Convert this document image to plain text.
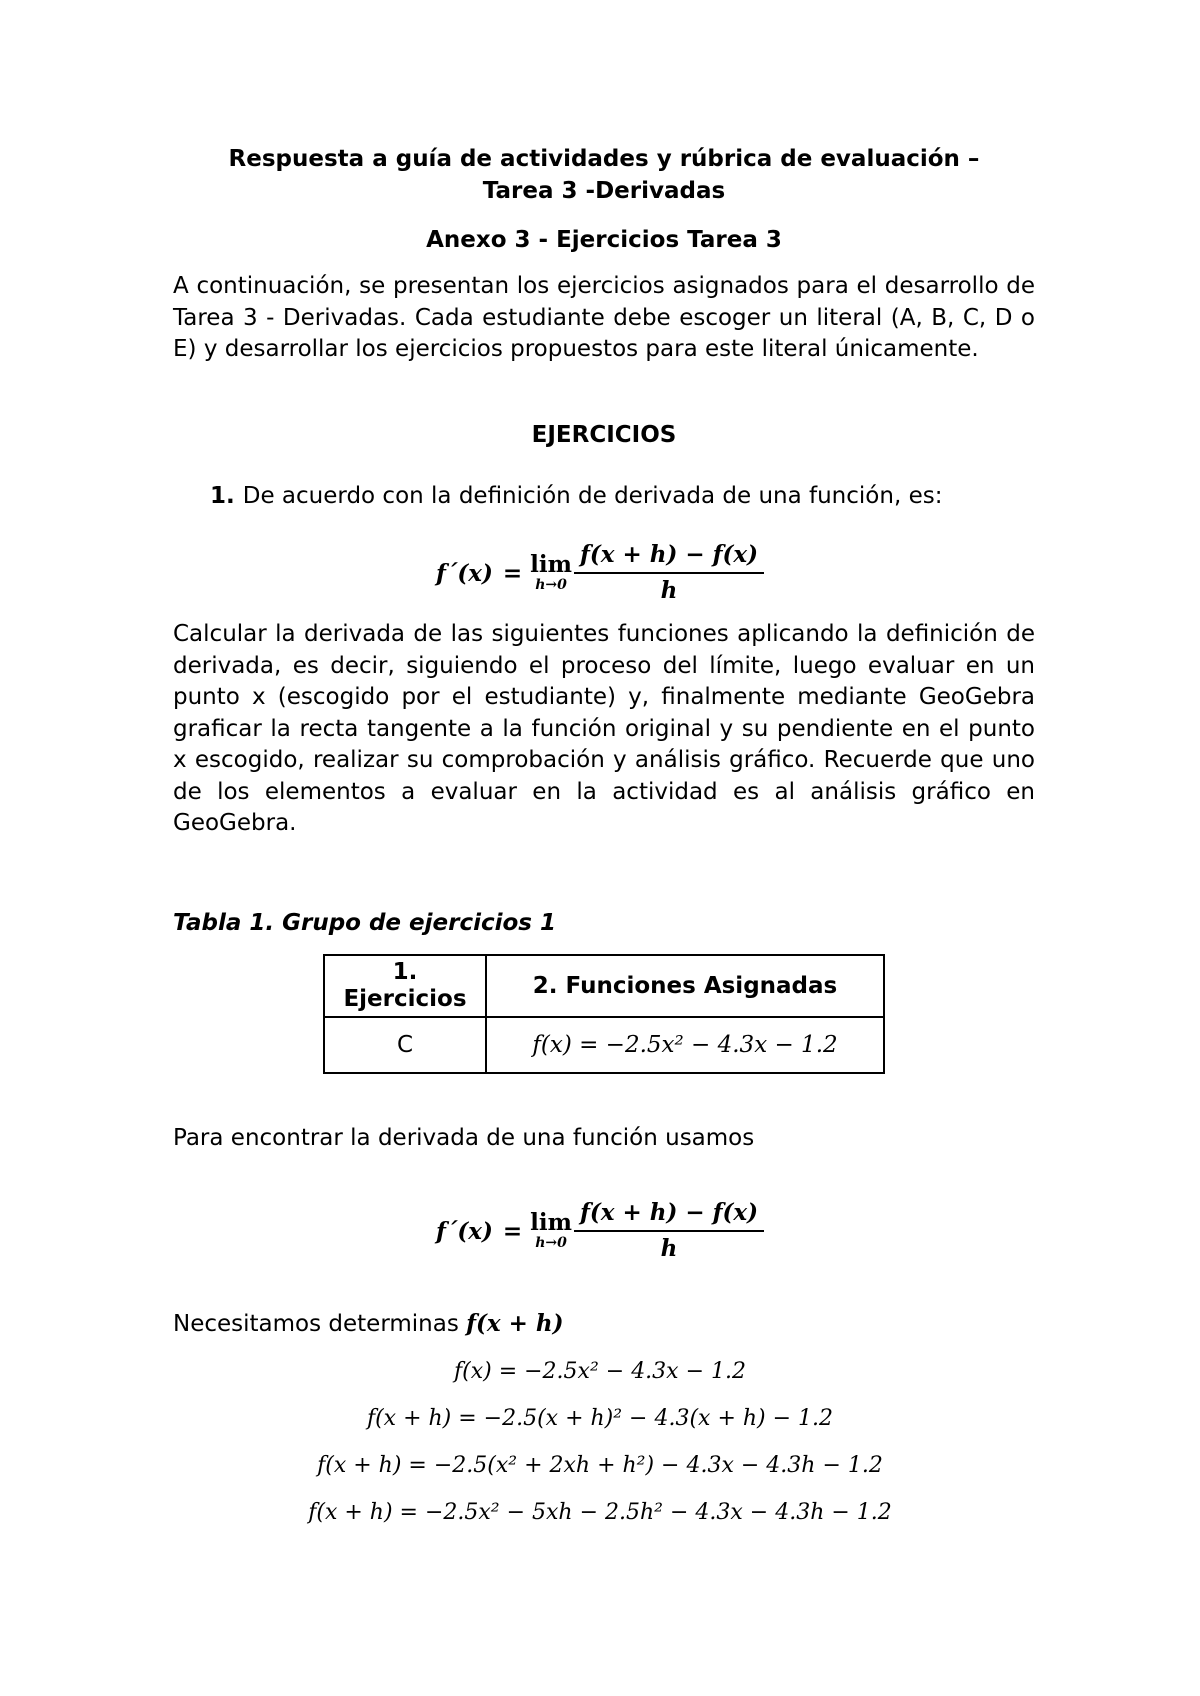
Respuesta a guía de actividades y rúbrica de evaluación –
Tarea 3 -Derivadas
Anexo 3 - Ejercicios Tarea 3
A continuación, se presentan los ejercicios asignados para el desarrollo de Tarea 3 - Derivadas. Cada estudiante debe escoger un literal (A, B, C, D o E) y desarrollar los ejercicios propuestos para este literal únicamente.
EJERCICIOS
1. De acuerdo con la definición de derivada de una función, es:
f´(x) = lim
$h\to 0 \frac{f(x + h) - f(x)}{h}$
Calcular la derivada de las siguientes funciones aplicando la definición de derivada, es decir, siguiendo el proceso del límite, luego evaluar en un punto x (escogido por el estudiante) y, finalmente mediante GeoGebra graficar la recta tangente a la función original y su pendiente en el punto x escogido, realizar su comprobación y análisis gráfico. Recuerde que uno de los elementos a evaluar en la actividad es al análisis gráfico en GeoGebra.
Tabla 1. Grupo de ejercicios 1
1.
Ejercicios	2. Funciones Asignadas
C	f(x) = −2.5x² − 4.3x − 1.2
Para encontrar la derivada de una función usamos
f´(x) = lim
$h\to 0 \frac{f(x + h) - f(x)}{h}$
Necesitamos determinas f(x + h)
f(x) = −2.5x² − 4.3x − 1.2
f(x + h) = −2.5(x + h)² − 4.3(x + h) − 1.2
f(x + h) = −2.5(x² + 2xh + h²) − 4.3x − 4.3h − 1.2
f(x + h) = −2.5x² − 5xh − 2.5h² − 4.3x − 4.3h − 1.2
